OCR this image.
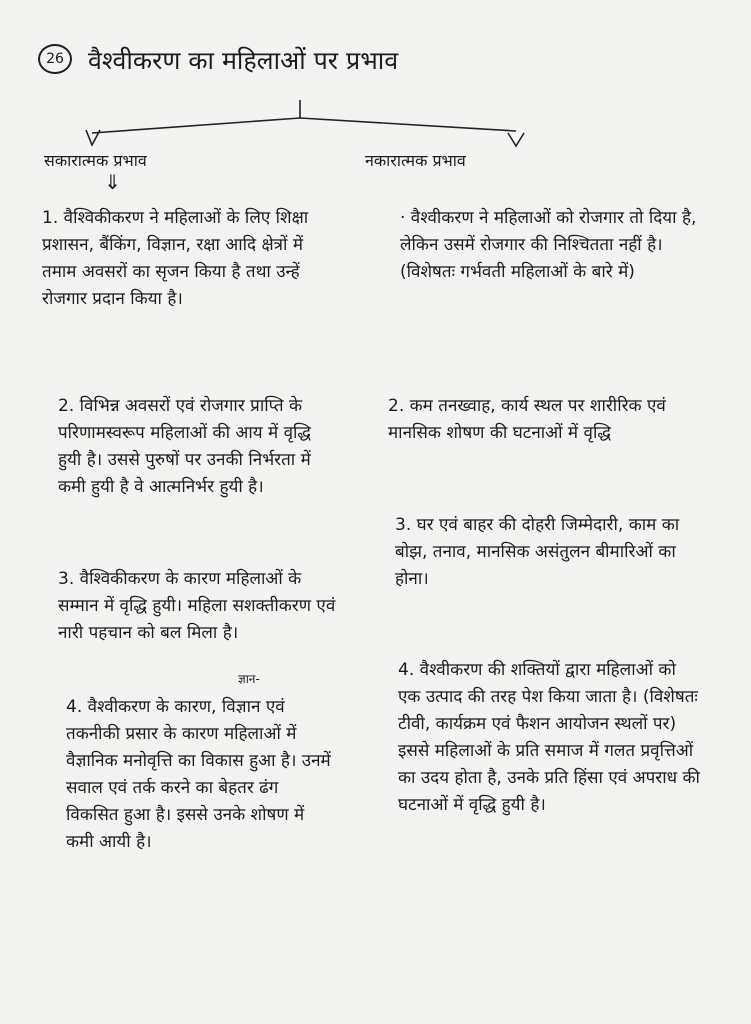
26 वैश्वीकरण का महिलाओं पर प्रभाव
सकारात्मक प्रभाव
⇓
नकारात्मक प्रभाव
1. वैश्विकीकरण ने महिलाओं के लिए शिक्षा प्रशासन, बैंकिंग, विज्ञान, रक्षा आदि क्षेत्रों में तमाम अवसरों का सृजन किया है तथा उन्हें रोजगार प्रदान किया है।
2. विभिन्न अवसरों एवं रोजगार प्राप्ति के परिणामस्वरूप महिलाओं की आय में वृद्धि हुयी है। उससे पुरुषों पर उनकी निर्भरता में कमी हुयी है वे आत्मनिर्भर हुयी है।
3. वैश्विकीकरण के कारण महिलाओं के सम्मान में वृद्धि हुयी। महिला सशक्तीकरण एवं नारी पहचान को बल मिला है।
ज्ञान-
4. वैश्वीकरण के कारण, विज्ञान एवं तकनीकी प्रसार के कारण महिलाओं में वैज्ञानिक मनोवृत्ति का विकास हुआ है। उनमें सवाल एवं तर्क करने का बेहतर ढंग विकसित हुआ है। इससे उनके शोषण में कमी आयी है।
· वैश्वीकरण ने महिलाओं को रोजगार तो दिया है, लेकिन उसमें रोजगार की निश्चितता नहीं है। (विशेषतः गर्भवती महिलाओं के बारे में)
2. कम तनख्वाह, कार्य स्थल पर शारीरिक एवं मानसिक शोषण की घटनाओं में वृद्धि
3. घर एवं बाहर की दोहरी जिम्मेदारी, काम का बोझ, तनाव, मानसिक असंतुलन बीमारिओं का होना।
4. वैश्वीकरण की शक्तियों द्वारा महिलाओं को एक उत्पाद की तरह पेश किया जाता है। (विशेषतः टीवी, कार्यक्रम एवं फैशन आयोजन स्थलों पर) इससे महिलाओं के प्रति समाज में गलत प्रवृत्तिओं का उदय होता है, उनके प्रति हिंसा एवं अपराध की घटनाओं में वृद्धि हुयी है।
